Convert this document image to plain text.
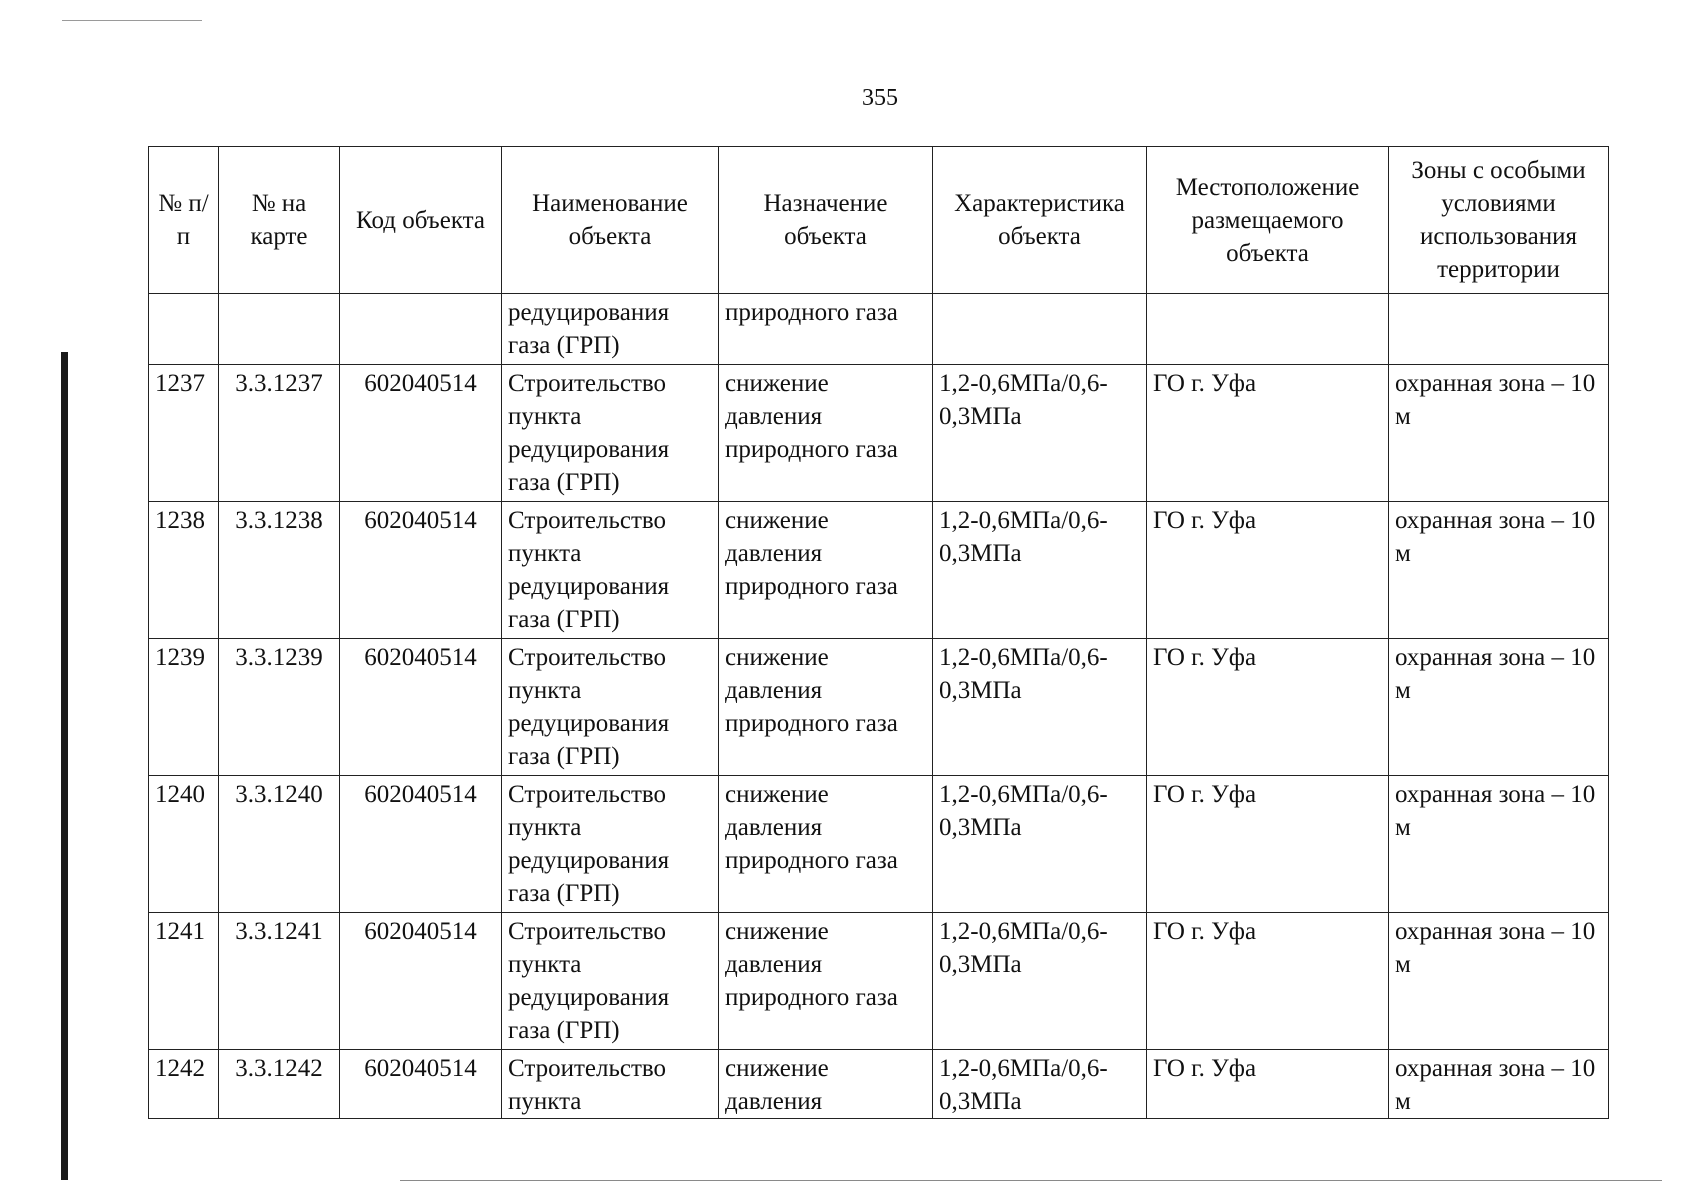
355
№ п/п	№ на карте	Код объекта	Наименование объекта	Назначение объекта	Характеристика объекта	Местоположение размещаемого объекта	Зоны с особыми условиями использования территории
			редуцирования газа (ГРП)	природного газа			
1237	3.3.1237	602040514	Строительство пункта редуцирования газа (ГРП)	снижение давления природного газа	1,2-0,6МПа/0,6-0,3МПа	ГО г. Уфа	охранная зона – 10 м
1238	3.3.1238	602040514	Строительство пункта редуцирования газа (ГРП)	снижение давления природного газа	1,2-0,6МПа/0,6-0,3МПа	ГО г. Уфа	охранная зона – 10 м
1239	3.3.1239	602040514	Строительство пункта редуцирования газа (ГРП)	снижение давления природного газа	1,2-0,6МПа/0,6-0,3МПа	ГО г. Уфа	охранная зона – 10 м
1240	3.3.1240	602040514	Строительство пункта редуцирования газа (ГРП)	снижение давления природного газа	1,2-0,6МПа/0,6-0,3МПа	ГО г. Уфа	охранная зона – 10 м
1241	3.3.1241	602040514	Строительство пункта редуцирования газа (ГРП)	снижение давления природного газа	1,2-0,6МПа/0,6-0,3МПа	ГО г. Уфа	охранная зона – 10 м
1242	3.3.1242	602040514	Строительство пункта	снижение давления	1,2-0,6МПа/0,6-0,3МПа	ГО г. Уфа	охранная зона – 10 м
